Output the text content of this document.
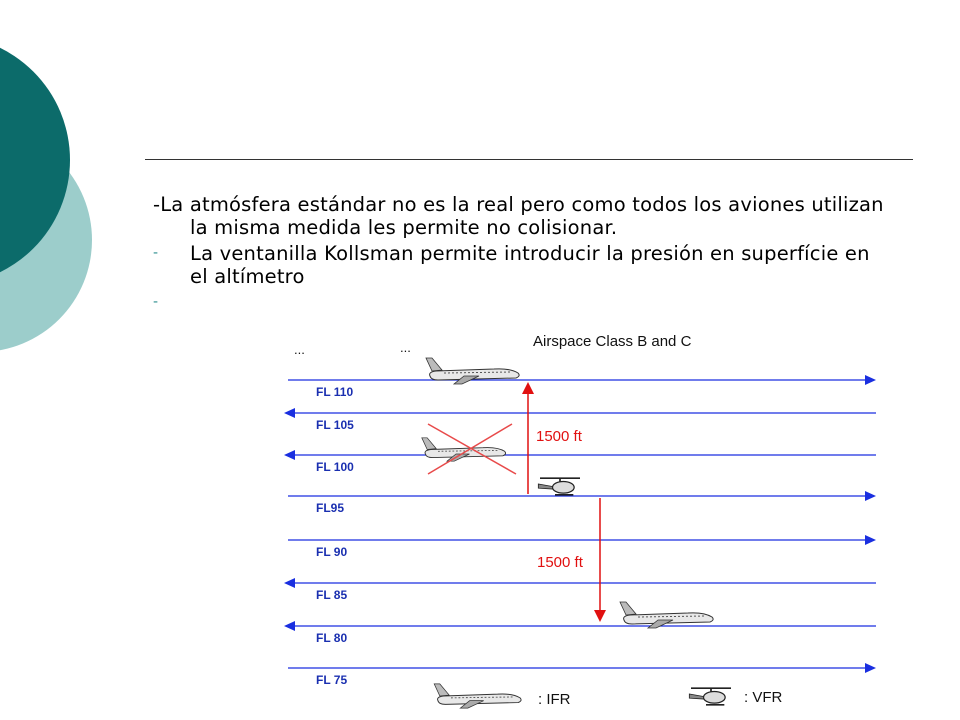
-La atmósfera estándar no es la real pero como todos los aviones utilizan la misma medida les permite no colisionar.

-	La ventanilla Kollsman permite introducir la presión en superfície en el altímetro
-
FL 110
FL 105
FL 100
FL95
FL 90
FL 85
FL 80
FL 75
Airspace Class B and C
...	...
1500 ft
1500 ft
: IFR	: VFR
